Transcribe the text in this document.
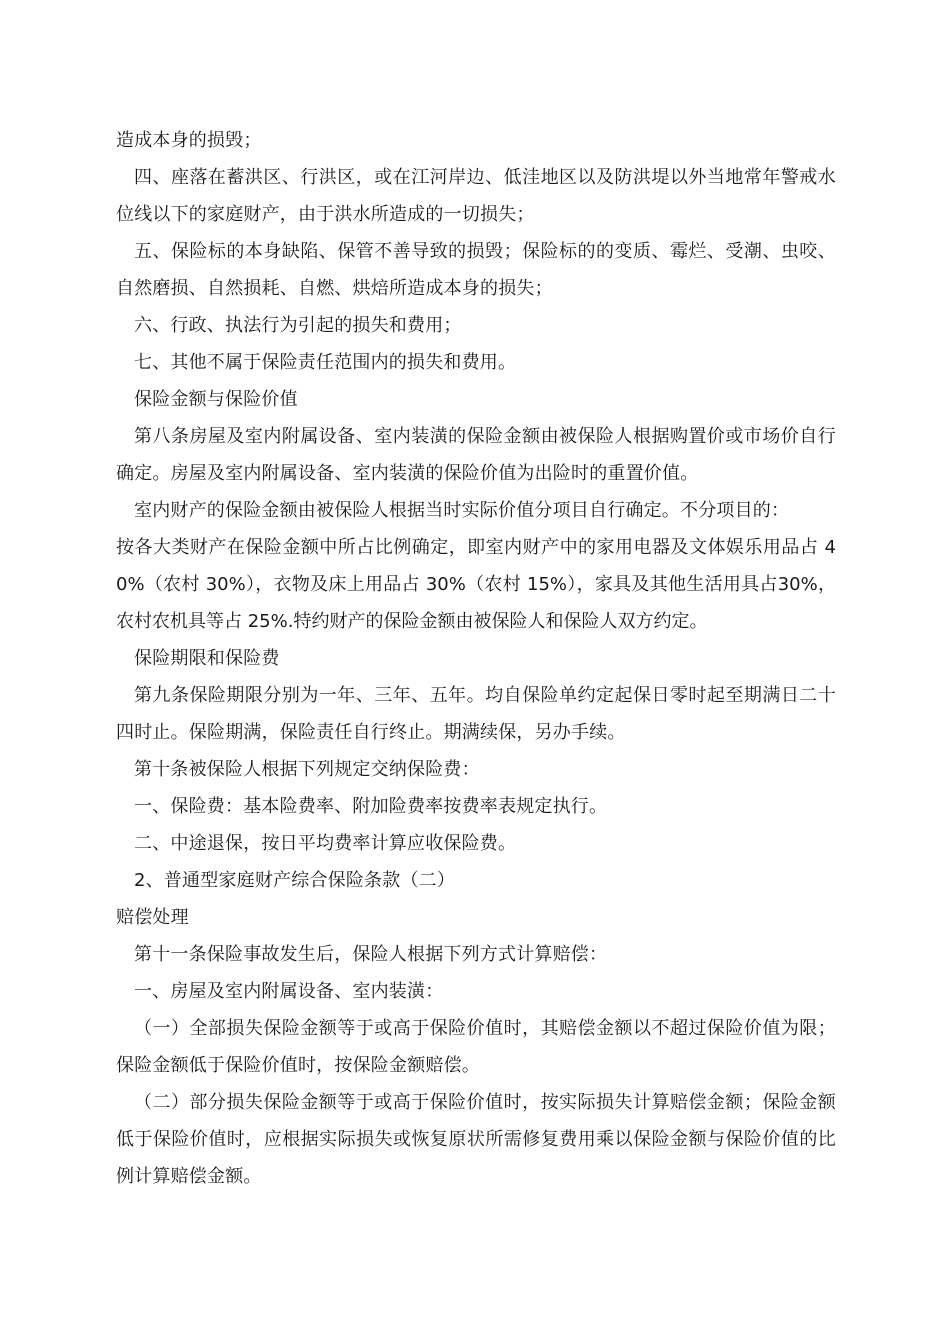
造成本身的损毁；

四、座落在蓄洪区、行洪区，或在江河岸边、低洼地区以及防洪堤以外当地常年警戒水位线以下的家庭财产，由于洪水所造成的一切损失；

五、保险标的本身缺陷、保管不善导致的损毁；保险标的的变质、霉烂、受潮、虫咬、自然磨损、自然损耗、自燃、烘焙所造成本身的损失；

六、行政、执法行为引起的损失和费用；

七、其他不属于保险责任范围内的损失和费用。

保险金额与保险价值

第八条房屋及室内附属设备、室内装潢的保险金额由被保险人根据购置价或市场价自行确定。房屋及室内附属设备、室内装潢的保险价值为出险时的重置价值。

室内财产的保险金额由被保险人根据当时实际价值分项目自行确定。不分项目的：

按各大类财产在保险金额中所占比例确定，即室内财产中的家用电器及文体娱乐用品占 40%（农村 30%），衣物及床上用品占 30%（农村 15%），家具及其他生活用具占30%，农村农机具等占 25%.特约财产的保险金额由被保险人和保险人双方约定。

保险期限和保险费

第九条保险期限分别为一年、三年、五年。均自保险单约定起保日零时起至期满日二十四时止。保险期满，保险责任自行终止。期满续保，另办手续。

第十条被保险人根据下列规定交纳保险费：

一、保险费：基本险费率、附加险费率按费率表规定执行。

二、中途退保，按日平均费率计算应收保险费。

2、普通型家庭财产综合保险条款（二）

赔偿处理

第十一条保险事故发生后，保险人根据下列方式计算赔偿：

一、房屋及室内附属设备、室内装潢：

（一）全部损失保险金额等于或高于保险价值时，其赔偿金额以不超过保险价值为限；保险金额低于保险价值时，按保险金额赔偿。

（二）部分损失保险金额等于或高于保险价值时，按实际损失计算赔偿金额；保险金额低于保险价值时，应根据实际损失或恢复原状所需修复费用乘以保险金额与保险价值的比例计算赔偿金额。
